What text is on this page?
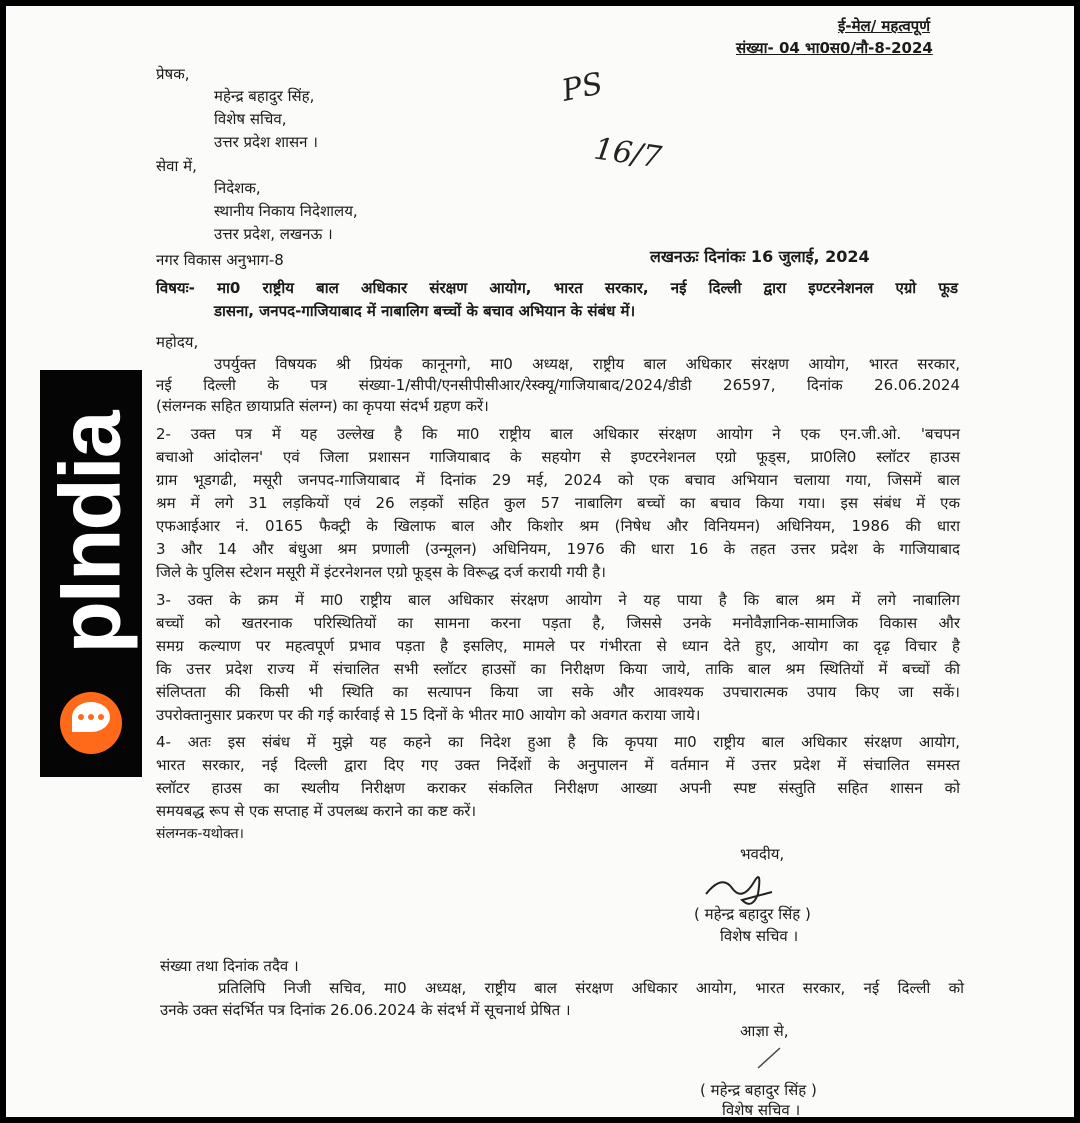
ई-मेल/ महत्वपूर्ण
संख्या- 04 भा0स0/नौ-8-2024
प्रेषक,
महेन्द्र बहादुर सिंह,
विशेष सचिव,
उत्तर प्रदेश शासन ।
PS
16/7
सेवा में,
निदेशक,
स्थानीय निकाय निदेशालय,
उत्तर प्रदेश, लखनऊ ।
नगर विकास अनुभाग-8	लखनऊः दिनांकः 16 जुलाई, 2024
विषयः- मा0 राष्ट्रीय बाल अधिकार संरक्षण आयोग, भारत सरकार, नई दिल्ली द्वारा इण्टरनेशनल एग्रो फूड
डासना, जनपद-गाजियाबाद में नाबालिग बच्चों के बचाव अभियान के संबंध में।
महोदय,
उपर्युक्त विषयक श्री प्रियंक कानूनगो, मा0 अध्यक्ष, राष्ट्रीय बाल अधिकार संरक्षण आयोग, भारत सरकार,
नई दिल्ली के पत्र संख्या-1/सीपी/एनसीपीसीआर/रेस्क्यू/गाजियाबाद/2024/डीडी 26597, दिनांक 26.06.2024
(संलग्नक सहित छायाप्रति संलग्न) का कृपया संदर्भ ग्रहण करें।
2- उक्त पत्र में यह उल्लेख है कि मा0 राष्ट्रीय बाल अधिकार संरक्षण आयोग ने एक एन.जी.ओ. 'बचपन
बचाओ आंदोलन' एवं जिला प्रशासन गाजियाबाद के सहयोग से इण्टरनेशनल एग्रो फूड्स, प्रा0लि0 स्लॉटर हाउस
ग्राम भूडगढी, मसूरी जनपद-गाजियाबाद में दिनांक 29 मई, 2024 को एक बचाव अभियान चलाया गया, जिसमें बाल
श्रम में लगे 31 लड़कियों एवं 26 लड़कों सहित कुल 57 नाबालिग बच्चों का बचाव किया गया। इस संबंध में एक
एफआईआर नं. 0165 फैक्ट्री के खिलाफ बाल और किशोर श्रम (निषेध और विनियमन) अधिनियम, 1986 की धारा
3 और 14 और बंधुआ श्रम प्रणाली (उन्मूलन) अधिनियम, 1976 की धारा 16 के तहत उत्तर प्रदेश के गाजियाबाद
जिले के पुलिस स्टेशन मसूरी में इंटरनेशनल एग्रो फूड्स के विरूद्ध दर्ज करायी गयी है।
3- उक्त के क्रम में मा0 राष्ट्रीय बाल अधिकार संरक्षण आयोग ने यह पाया है कि बाल श्रम में लगे नाबालिग
बच्चों को खतरनाक परिस्थितियों का सामना करना पड़ता है, जिससे उनके मनोवैज्ञानिक-सामाजिक विकास और
समग्र कल्याण पर महत्वपूर्ण प्रभाव पड़ता है इसलिए, मामले पर गंभीरता से ध्यान देते हुए, आयोग का दृढ़ विचार है
कि उत्तर प्रदेश राज्य में संचालित सभी स्लॉटर हाउसों का निरीक्षण किया जाये, ताकि बाल श्रम स्थितियों में बच्चों की
संलिप्तता की किसी भी स्थिति का सत्यापन किया जा सके और आवश्यक उपचारात्मक उपाय किए जा सकें।
उपरोक्तानुसार प्रकरण पर की गई कार्रवाई से 15 दिनों के भीतर मा0 आयोग को अवगत कराया जाये।
4- अतः इस संबंध में मुझे यह कहने का निदेश हुआ है कि कृपया मा0 राष्ट्रीय बाल अधिकार संरक्षण आयोग,
भारत सरकार, नई दिल्ली द्वारा दिए गए उक्त निर्देशों के अनुपालन में वर्तमान में उत्तर प्रदेश में संचालित समस्त
स्लॉटर हाउस का स्थलीय निरीक्षण कराकर संकलित निरीक्षण आख्या अपनी स्पष्ट संस्तुति सहित शासन को
समयबद्ध रूप से एक सप्ताह में उपलब्ध कराने का कष्ट करें।
संलग्नक-यथोक्त।
भवदीय,
( महेन्द्र बहादुर सिंह )
विशेष सचिव ।
संख्या तथा दिनांक तदैव ।
प्रतिलिपि निजी सचिव, मा0 अध्यक्ष, राष्ट्रीय बाल संरक्षण अधिकार आयोग, भारत सरकार, नई दिल्ली को
उनके उक्त संदर्भित पत्र दिनांक 26.06.2024 के संदर्भ में सूचनार्थ प्रेषित ।
आज्ञा से,
( महेन्द्र बहादुर सिंह )
विशेष सचिव ।
pIndia
